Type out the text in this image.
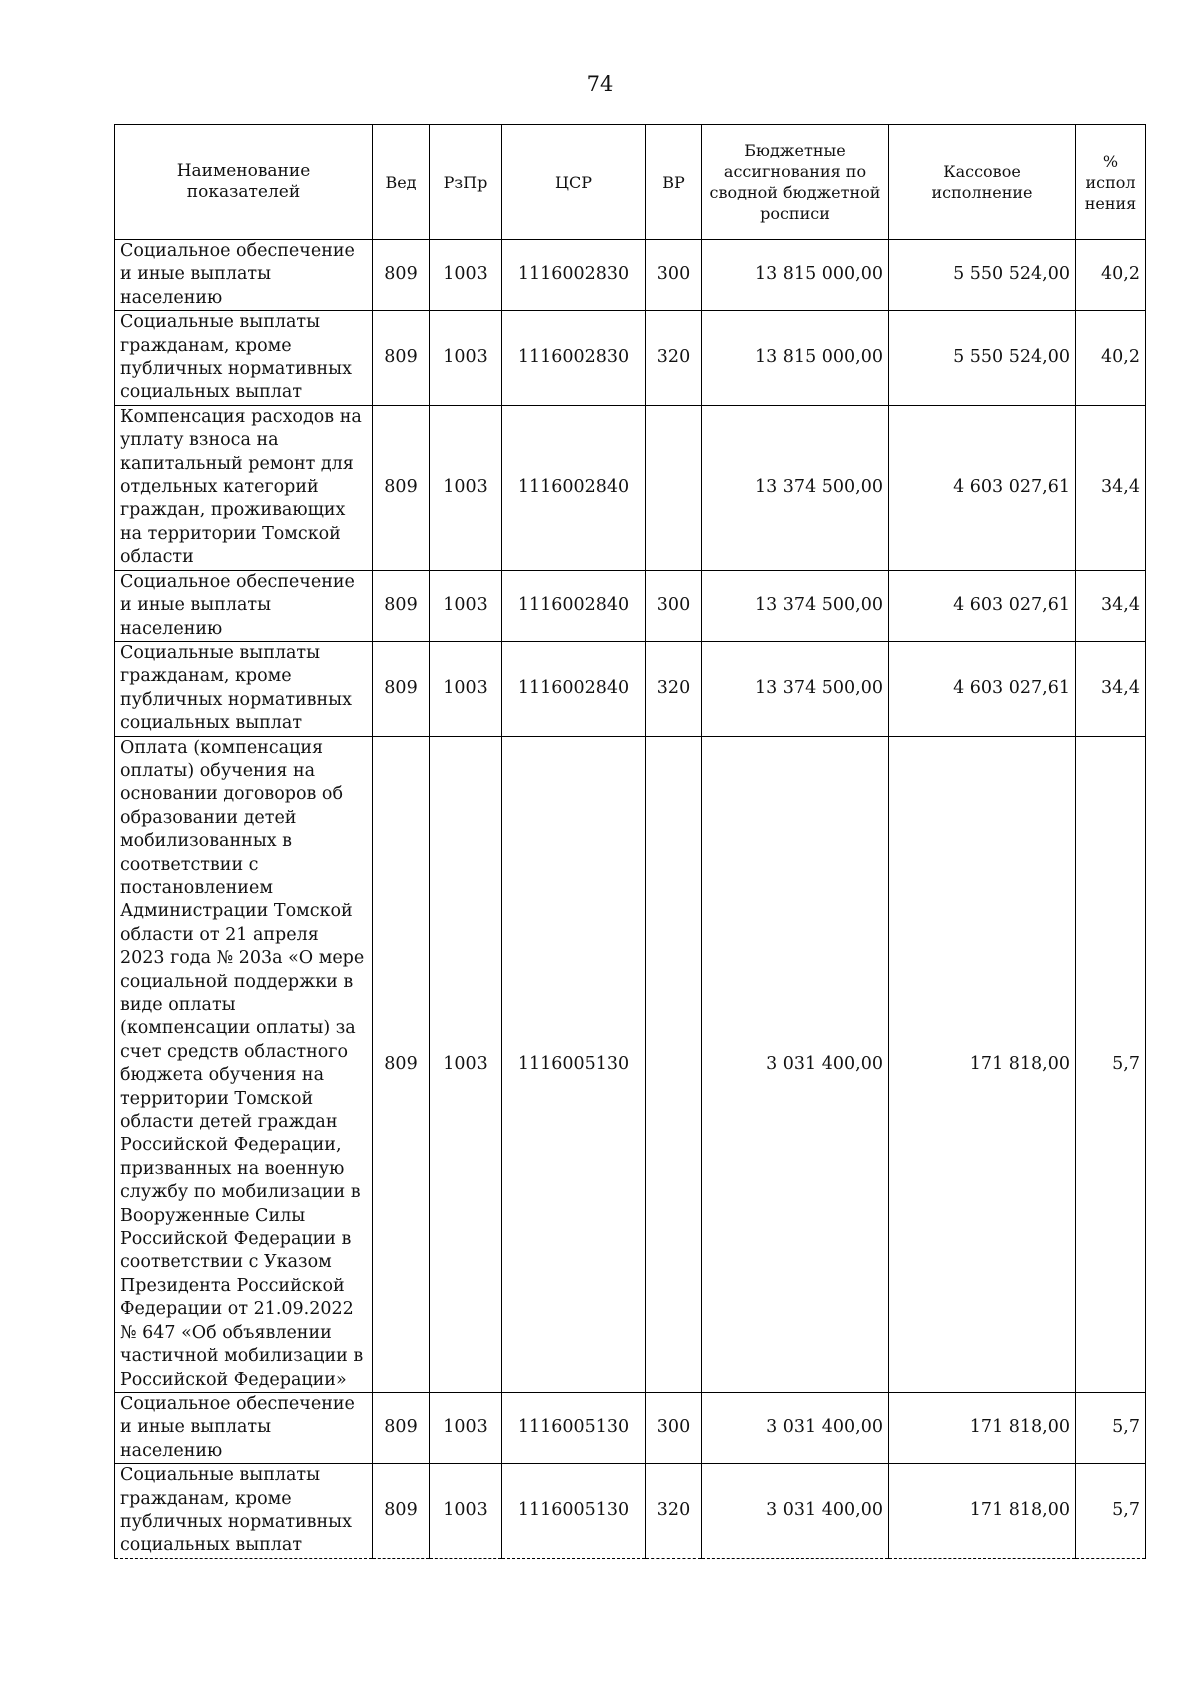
74
Наименование показателей	Вед	РзПр	ЦСР	ВР	Бюджетные ассигнования по сводной бюджетной росписи	Кассовое исполнение	% испол нения
Социальное обеспечение и иные выплаты населению	809	1003	1116002830	300	13 815 000,00	5 550 524,00	40,2
Социальные выплаты гражданам, кроме публичных нормативных социальных выплат	809	1003	1116002830	320	13 815 000,00	5 550 524,00	40,2
Компенсация расходов на уплату взноса на капитальный ремонт для отдельных категорий граждан, проживающих на территории Томской области	809	1003	1116002840		13 374 500,00	4 603 027,61	34,4
Социальное обеспечение и иные выплаты населению	809	1003	1116002840	300	13 374 500,00	4 603 027,61	34,4
Социальные выплаты гражданам, кроме публичных нормативных социальных выплат	809	1003	1116002840	320	13 374 500,00	4 603 027,61	34,4
Оплата (компенсация оплаты) обучения на основании договоров об образовании детей мобилизованных в соответствии с постановлением Администрации Томской области от 21 апреля 2023 года № 203а «О мере социальной поддержки в виде оплаты (компенсации оплаты) за счет средств областного бюджета обучения на территории Томской области детей граждан Российской Федерации, призванных на военную службу по мобилизации в Вооруженные Силы Российской Федерации в соответствии с Указом Президента Российской Федерации от 21.09.2022 № 647 «Об объявлении частичной мобилизации в Российской Федерации»	809	1003	1116005130		3 031 400,00	171 818,00	5,7
Социальное обеспечение и иные выплаты населению	809	1003	1116005130	300	3 031 400,00	171 818,00	5,7
Социальные выплаты гражданам, кроме публичных нормативных социальных выплат	809	1003	1116005130	320	3 031 400,00	171 818,00	5,7
